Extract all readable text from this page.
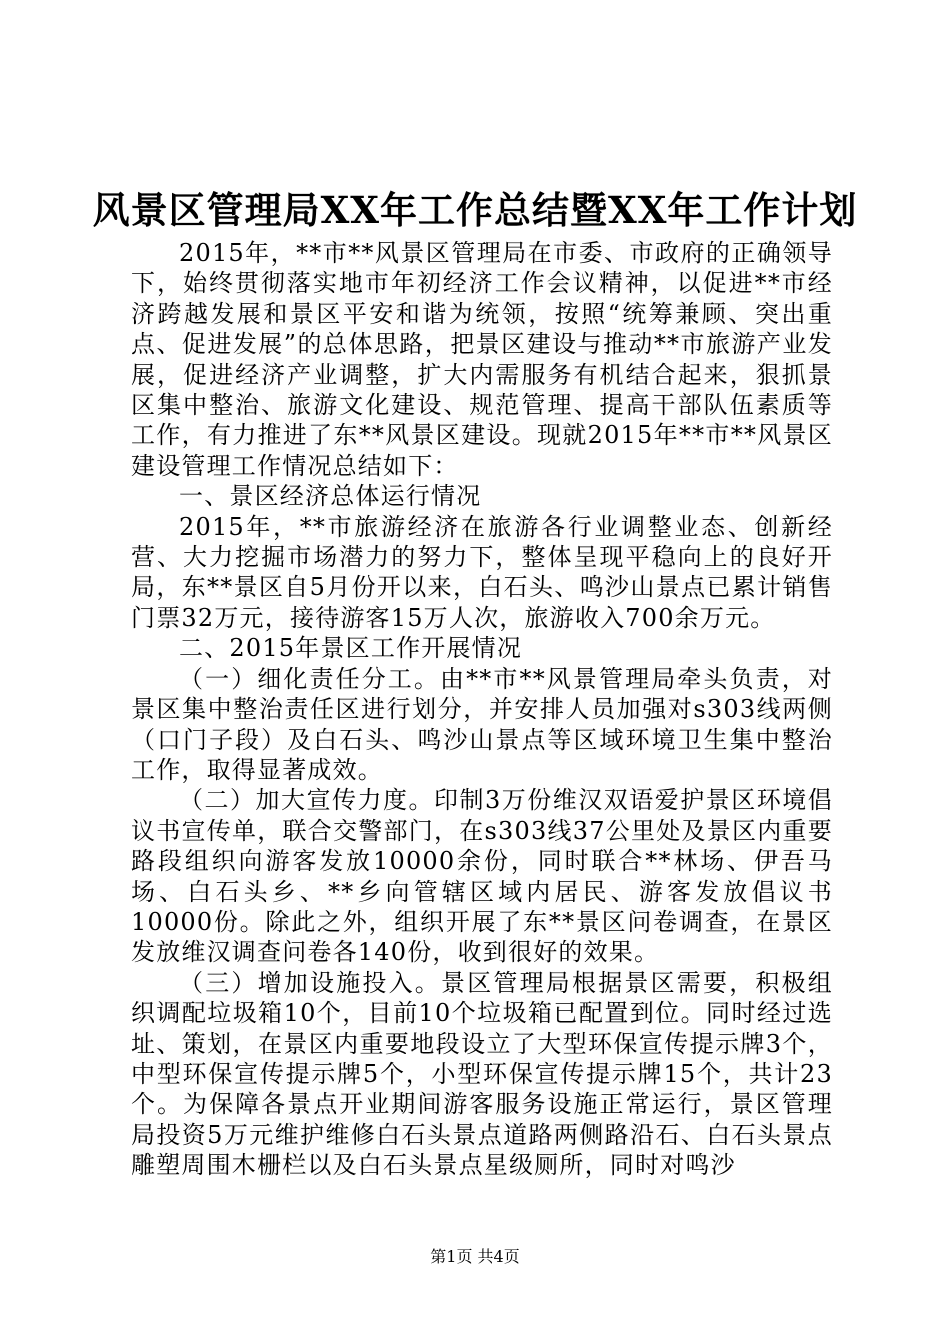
风景区管理局XX年工作总结暨XX年工作计划

2015年，**市**风景区管理局在市委、市政府的正确领导下，始终贯彻落实地市年初经济工作会议精神，以促进**市经济跨越发展和景区平安和谐为统领，按照“统筹兼顾、突出重点、促进发展”的总体思路，把景区建设与推动**市旅游产业发展，促进经济产业调整，扩大内需服务有机结合起来，狠抓景区集中整治、旅游文化建设、规范管理、提高干部队伍素质等工作，有力推进了东**风景区建设。现就2015年**市**风景区建设管理工作情况总结如下：

一、景区经济总体运行情况

2015年，**市旅游经济在旅游各行业调整业态、创新经营、大力挖掘市场潜力的努力下，整体呈现平稳向上的良好开局，东**景区自5月份开以来，白石头、鸣沙山景点已累计销售门票32万元，接待游客15万人次，旅游收入700余万元。

二、2015年景区工作开展情况

（一）细化责任分工。由**市**风景管理局牵头负责，对景区集中整治责任区进行划分，并安排人员加强对s303线两侧（口门子段）及白石头、鸣沙山景点等区域环境卫生集中整治工作，取得显著成效。

（二）加大宣传力度。印制3万份维汉双语爱护景区环境倡议书宣传单，联合交警部门，在s303线37公里处及景区内重要路段组织向游客发放10000余份，同时联合**林场、伊吾马场、白石头乡、**乡向管辖区域内居民、游客发放倡议书10000份。除此之外，组织开展了东**景区问卷调查，在景区发放维汉调查问卷各140份，收到很好的效果。

（三）增加设施投入。景区管理局根据景区需要，积极组织调配垃圾箱10个，目前10个垃圾箱已配置到位。同时经过选址、策划，在景区内重要地段设立了大型环保宣传提示牌3个，中型环保宣传提示牌5个，小型环保宣传提示牌15个，共计23个。为保障各景点开业期间游客服务设施正常运行，景区管理局投资5万元维护维修白石头景点道路两侧路沿石、白石头景点雕塑周围木栅栏以及白石头景点星级厕所，同时对鸣沙

第1页 共4页
